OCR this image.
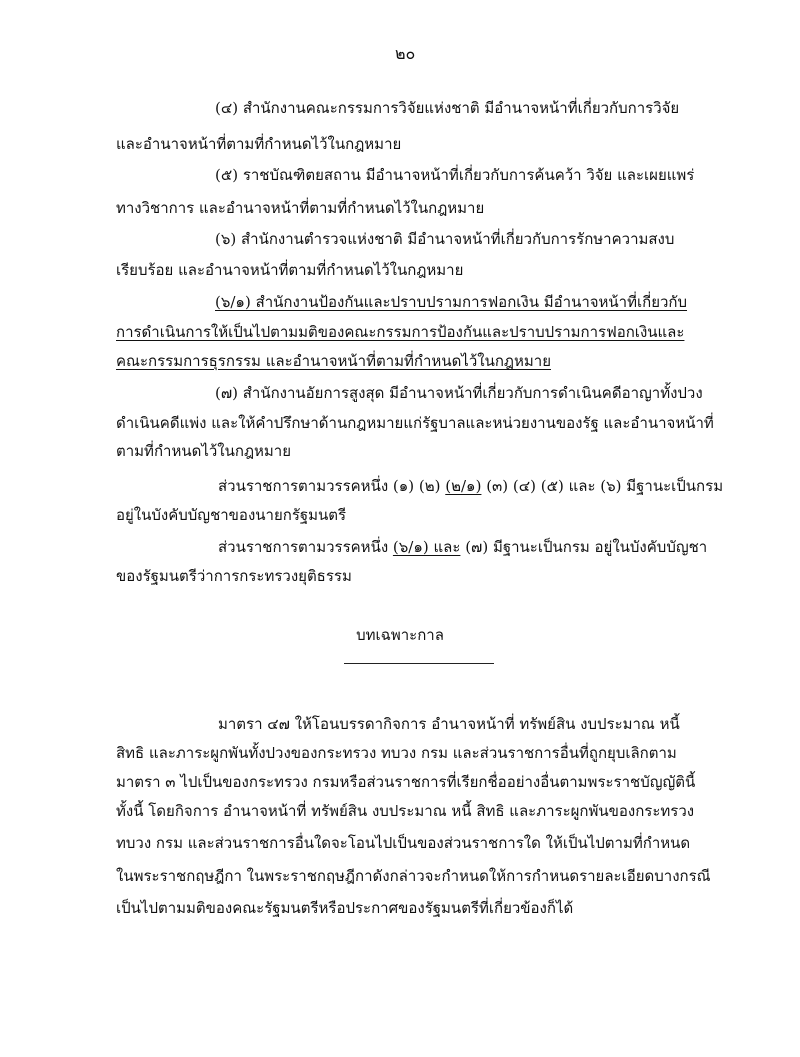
๒๐
(๔) สำนักงานคณะกรรมการวิจัยแห่งชาติ มีอำนาจหน้าที่เกี่ยวกับการวิจัย
และอำนาจหน้าที่ตามที่กำหนดไว้ในกฎหมาย
(๕) ราชบัณฑิตยสถาน มีอำนาจหน้าที่เกี่ยวกับการค้นคว้า วิจัย และเผยแพร่
ทางวิชาการ และอำนาจหน้าที่ตามที่กำหนดไว้ในกฎหมาย
(๖) สำนักงานตำรวจแห่งชาติ มีอำนาจหน้าที่เกี่ยวกับการรักษาความสงบ
เรียบร้อย และอำนาจหน้าที่ตามที่กำหนดไว้ในกฎหมาย
(๖/๑) สำนักงานป้องกันและปราบปรามการฟอกเงิน มีอำนาจหน้าที่เกี่ยวกับ
การดำเนินการให้เป็นไปตามมติของคณะกรรมการป้องกันและปราบปรามการฟอกเงินและ
คณะกรรมการธุรกรรม และอำนาจหน้าที่ตามที่กำหนดไว้ในกฎหมาย
(๗) สำนักงานอัยการสูงสุด มีอำนาจหน้าที่เกี่ยวกับการดำเนินคดีอาญาทั้งปวง
ดำเนินคดีแพ่ง และให้คำปรึกษาด้านกฎหมายแก่รัฐบาลและหน่วยงานของรัฐ และอำนาจหน้าที่
ตามที่กำหนดไว้ในกฎหมาย
ส่วนราชการตามวรรคหนึ่ง (๑) (๒) (๒/๑) (๓) (๔) (๕) และ (๖) มีฐานะเป็นกรม
อยู่ในบังคับบัญชาของนายกรัฐมนตรี
ส่วนราชการตามวรรคหนึ่ง (๖/๑) และ (๗) มีฐานะเป็นกรม อยู่ในบังคับบัญชา
ของรัฐมนตรีว่าการกระทรวงยุติธรรม
บทเฉพาะกาล
มาตรา ๔๗ ให้โอนบรรดากิจการ อำนาจหน้าที่ ทรัพย์สิน งบประมาณ หนี้
สิทธิ และภาระผูกพันทั้งปวงของกระทรวง ทบวง กรม และส่วนราชการอื่นที่ถูกยุบเลิกตาม
มาตรา ๓ ไปเป็นของกระทรวง กรมหรือส่วนราชการที่เรียกชื่ออย่างอื่นตามพระราชบัญญัตินี้
ทั้งนี้ โดยกิจการ อำนาจหน้าที่ ทรัพย์สิน งบประมาณ หนี้ สิทธิ และภาระผูกพันของกระทรวง
ทบวง กรม และส่วนราชการอื่นใดจะโอนไปเป็นของส่วนราชการใด ให้เป็นไปตามที่กำหนด
ในพระราชกฤษฎีกา ในพระราชกฤษฎีกาดังกล่าวจะกำหนดให้การกำหนดรายละเอียดบางกรณี
เป็นไปตามมติของคณะรัฐมนตรีหรือประกาศของรัฐมนตรีที่เกี่ยวข้องก็ได้
